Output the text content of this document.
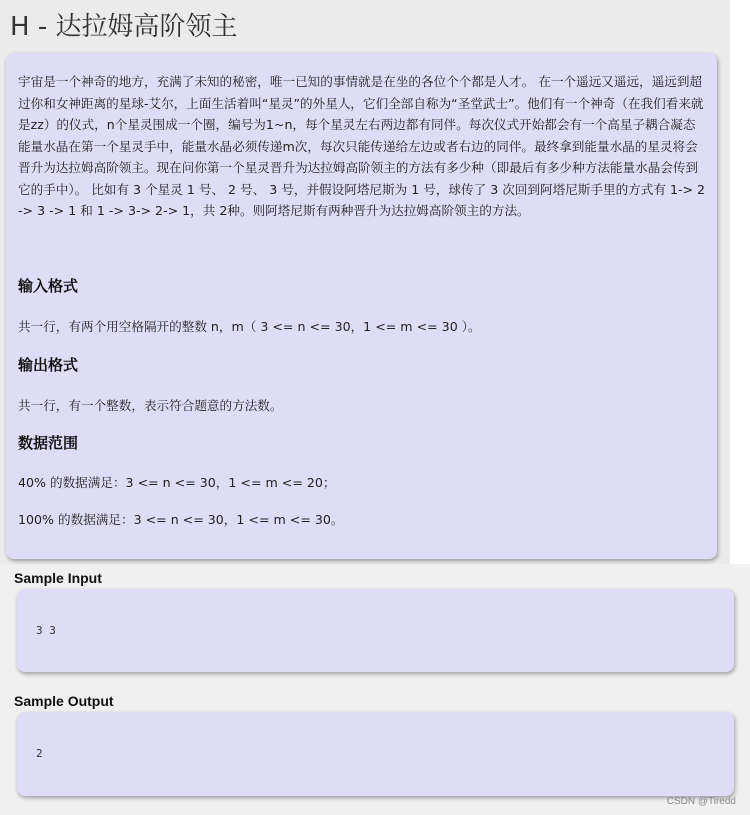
H - 达拉姆高阶领主

宇宙是一个神奇的地方，充满了未知的秘密，唯一已知的事情就是在坐的各位个个都是人才。 在一个遥远又遥远，遥远到超过你和女神距离的星球-艾尔，上面生活着叫“星灵”的外星人，它们全部自称为“圣堂武士”。他们有一个神奇（在我们看来就是zz）的仪式，n个星灵围成一个圈，编号为1~n，每个星灵左右两边都有同伴。每次仪式开始都会有一个高星子耦合凝态能量水晶在第一个星灵手中，能量水晶必须传递m次，每次只能传递给左边或者右边的同伴。最终拿到能量水晶的星灵将会晋升为达拉姆高阶领主。现在问你第一个星灵晋升为达拉姆高阶领主的方法有多少种（即最后有多少种方法能量水晶会传到它的手中）。 比如有 3 个星灵 1 号、 2 号、 3 号，并假设阿塔尼斯为 1 号，球传了 3 次回到阿塔尼斯手里的方式有 1-> 2 -> 3 -> 1 和 1 -> 3-> 2-> 1，共 2种。则阿塔尼斯有两种晋升为达拉姆高阶领主的方法。

输入格式

共一行，有两个用空格隔开的整数 n，m（ 3 <= n <= 30，1 <= m <= 30 ）。

输出格式

共一行，有一个整数，表示符合题意的方法数。

数据范围

40% 的数据满足：3 <= n <= 30，1 <= m <= 20；

100% 的数据满足：3 <= n <= 30，1 <= m <= 30。

Sample Input
3 3
Sample Output
2
CSDN @Tiredd
